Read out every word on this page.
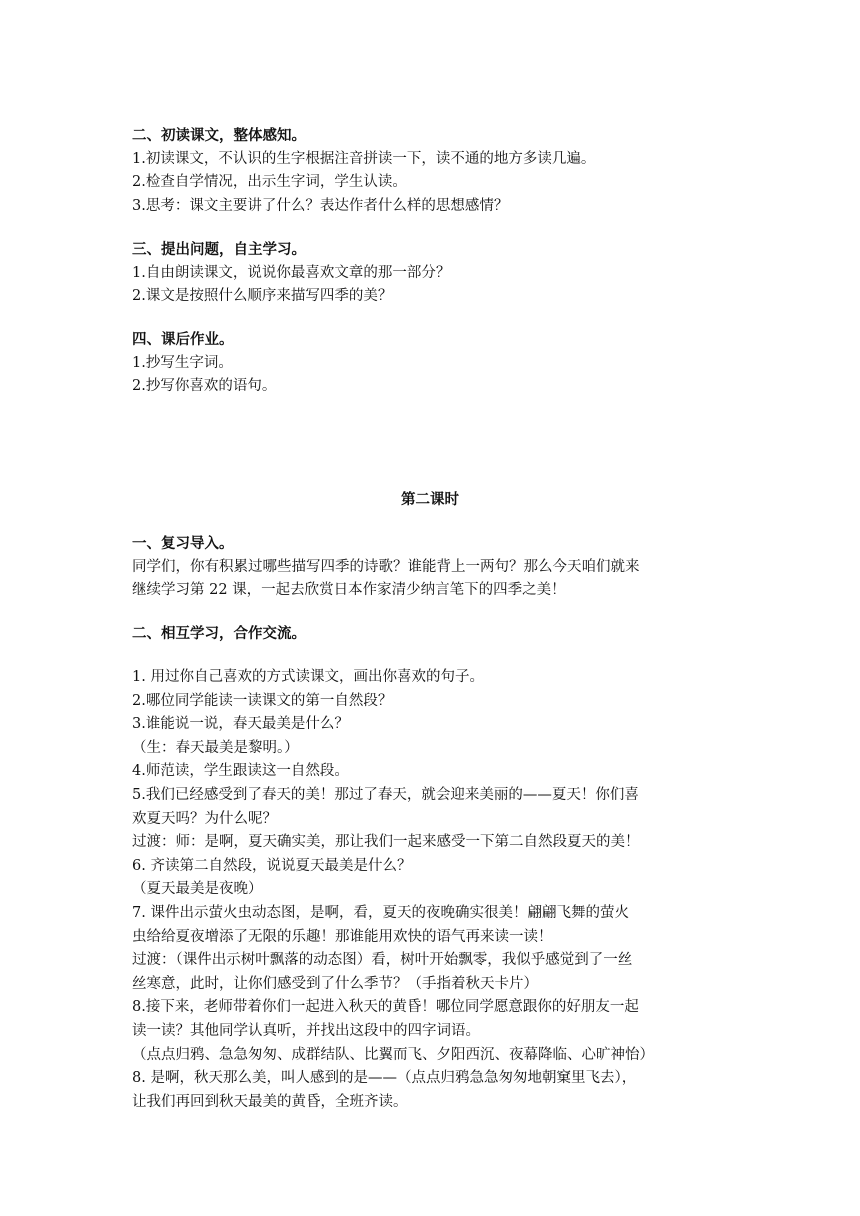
二、初读课文，整体感知。
1.初读课文，不认识的生字根据注音拼读一下，读不通的地方多读几遍。
2.检查自学情况，出示生字词，学生认读。
3.思考：课文主要讲了什么？表达作者什么样的思想感情？
三、提出问题，自主学习。
1.自由朗读课文，说说你最喜欢文章的那一部分？
2.课文是按照什么顺序来描写四季的美？
四、课后作业。
1.抄写生字词。
2.抄写你喜欢的语句。
第二课时
一、复习导入。
同学们，你有积累过哪些描写四季的诗歌？谁能背上一两句？那么今天咱们就来
继续学习第 22 课，一起去欣赏日本作家清少纳言笔下的四季之美！
二、相互学习，合作交流。
1. 用过你自己喜欢的方式读课文，画出你喜欢的句子。
2.哪位同学能读一读课文的第一自然段？
3.谁能说一说，春天最美是什么？
（生：春天最美是黎明。）
4.师范读，学生跟读这一自然段。
5.我们已经感受到了春天的美！那过了春天，就会迎来美丽的——夏天！你们喜
欢夏天吗？为什么呢？
过渡：师：是啊，夏天确实美，那让我们一起来感受一下第二自然段夏天的美！
6. 齐读第二自然段，说说夏天最美是什么？
（夏天最美是夜晚）
7. 课件出示萤火虫动态图，是啊，看，夏天的夜晚确实很美！翩翩飞舞的萤火
虫给给夏夜增添了无限的乐趣！那谁能用欢快的语气再来读一读！
过渡：（课件出示树叶飘落的动态图）看，树叶开始飘零，我似乎感觉到了一丝
丝寒意，此时，让你们感受到了什么季节？（手指着秋天卡片）
8.接下来，老师带着你们一起进入秋天的黄昏！哪位同学愿意跟你的好朋友一起
读一读？其他同学认真听，并找出这段中的四字词语。
（点点归鸦、急急匆匆、成群结队、比翼而飞、夕阳西沉、夜幕降临、心旷神怡）
8. 是啊，秋天那么美，叫人感到的是——（点点归鸦急急匆匆地朝窠里飞去），
让我们再回到秋天最美的黄昏，全班齐读。
